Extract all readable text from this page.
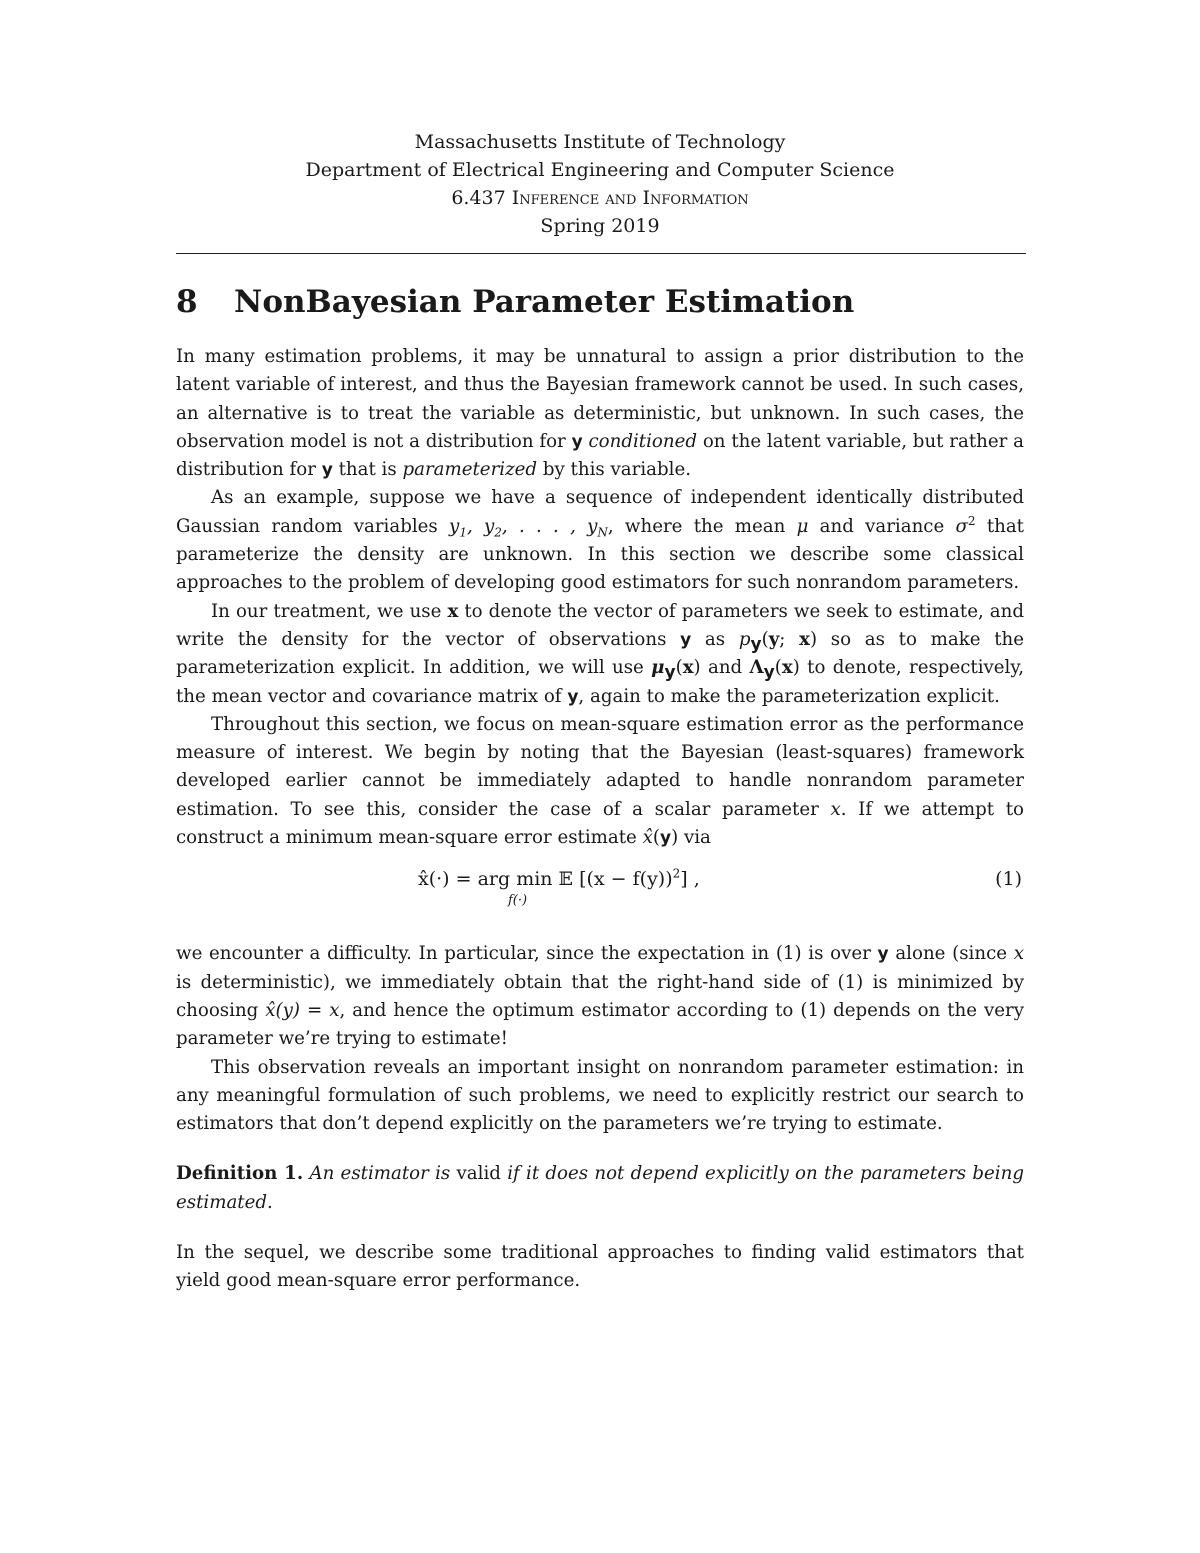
Massachusetts Institute of Technology
Department of Electrical Engineering and Computer Science
6.437 Inference and Information
Spring 2019
8 NonBayesian Parameter Estimation

In many estimation problems, it may be unnatural to assign a prior distribution to the latent variable of interest, and thus the Bayesian framework cannot be used. In such cases, an alternative is to treat the variable as deterministic, but unknown. In such cases, the observation model is not a distribution for y conditioned on the latent variable, but rather a distribution for y that is parameterized by this variable.

As an example, suppose we have a sequence of independent identically distributed Gaussian random variables $y_1$, $y_2$, . . . , $y_N$, where the mean μ and variance $\sigma^2$ that parameterize the density are unknown. In this section we describe some classical approaches to the problem of developing good estimators for such nonrandom parameters.

In our treatment, we use x to denote the vector of parameters we seek to estimate, and write the density for the vector of observations y as $p_y(y$; x) so as to make the parameterization explicit. In addition, we will use $\mu_y(x)$ and $\Lambda_y(x)$ to denote, respectively, the mean vector and covariance matrix of y, again to make the parameterization explicit.

Throughout this section, we focus on mean-square estimation error as the performance measure of interest. We begin by noting that the Bayesian (least-squares) framework developed earlier cannot be immediately adapted to handle nonrandom parameter estimation. To see this, consider the case of a scalar parameter x. If we attempt to construct a minimum mean-square error estimate x̂(y) via

x̂(·) = arg min 𝔼 $[(x - f(y))^2]$ ,
f(·)
(1)

we encounter a difficulty. In particular, since the expectation in (1) is over y alone (since x is deterministic), we immediately obtain that the right-hand side of (1) is minimized by choosing x̂(y) = x, and hence the optimum estimator according to (1) depends on the very parameter we’re trying to estimate!

This observation reveals an important insight on nonrandom parameter estimation: in any meaningful formulation of such problems, we need to explicitly restrict our search to estimators that don’t depend explicitly on the parameters we’re trying to estimate.

Definition 1. An estimator is valid if it does not depend explicitly on the parameters being estimated.

In the sequel, we describe some traditional approaches to finding valid estimators that yield good mean-square error performance.
